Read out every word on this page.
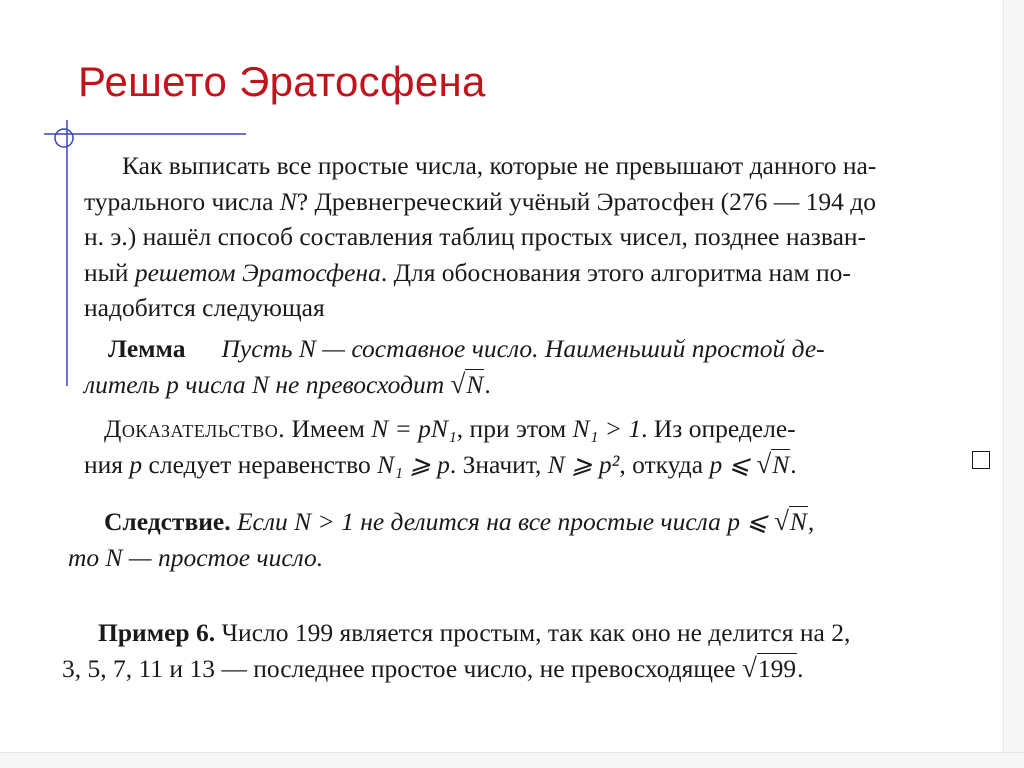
Решето Эратосфена
Как выписать все простые числа, которые не превышают данного на-
турального числа N? Древнегреческий учёный Эратосфен (276 — 194 до
н. э.) нашёл способ составления таблиц простых чисел, позднее назван-
ный решетом Эратосфена. Для обоснования этого алгоритма нам по-
надобится следующая
Лемма Пусть N — составное число. Наименьший простой де-
литель p числа N не превосходит √N.
Доказательство. Имеем N = pN₁, при этом N₁ > 1. Из определе-
ния p следует неравенство N₁ ⩾ p. Значит, N ⩾ p², откуда p ⩽ √N.
Следствие. Если N > 1 не делится на все простые числа p ⩽ √N,
то N — простое число.
Пример 6. Число 199 является простым, так как оно не делится на 2,
3, 5, 7, 11 и 13 — последнее простое число, не превосходящее √199.
